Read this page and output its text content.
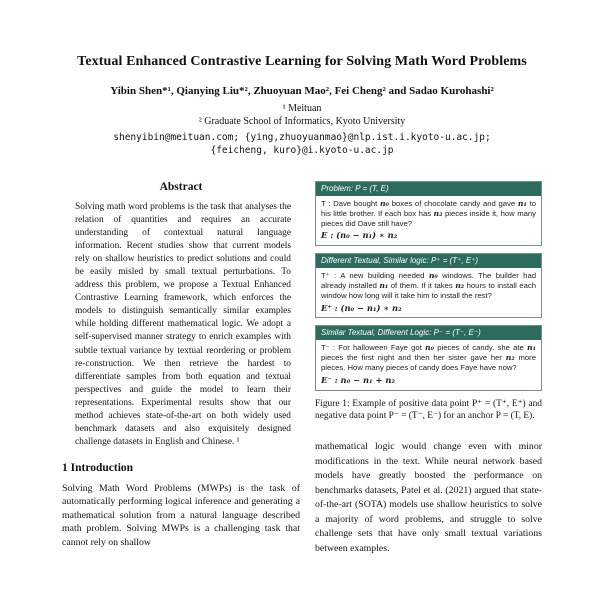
Textual Enhanced Contrastive Learning for Solving Math Word Problems
Yibin Shen*¹, Qianying Liu*², Zhuoyuan Mao², Fei Cheng² and Sadao Kurohashi²
¹ Meituan
² Graduate School of Informatics, Kyoto University
shenyibin@meituan.com; {ying,zhuoyuanmao}@nlp.ist.i.kyoto-u.ac.jp;
{feicheng, kuro}@i.kyoto-u.ac.jp
Abstract

Solving math word problems is the task that analyses the relation of quantities and requires an accurate understanding of contextual natural language information. Recent studies show that current models rely on shallow heuristics to predict solutions and could be easily misled by small textual perturbations. To address this problem, we propose a Textual Enhanced Contrastive Learning framework, which enforces the models to distinguish semantically similar examples while holding different mathematical logic. We adopt a self-supervised manner strategy to enrich examples with subtle textual variance by textual reordering or problem re-construction. We then retrieve the hardest to differentiate samples from both equation and textual perspectives and guide the model to learn their representations. Experimental results show that our method achieves state-of-the-art on both widely used benchmark datasets and also exquisitely designed challenge datasets in English and Chinese. ¹

1 Introduction

Solving Math Word Problems (MWPs) is the task of automatically performing logical inference and generating a mathematical solution from a natural language described math problem. Solving MWPs is a challenging task that cannot rely on shallow

Problem: P = (T, E)
T : Dave bought n₀ boxes of chocolate candy and gave n₁ to his little brother. If each box has n₂ pieces inside it, how many pieces did Dave still have?
E : (n₀ − n₁) ∗ n₂
Different Textual, Similar logic: P⁺ = (T⁺, E⁺)
T⁺ : A new building needed n₀ windows. The builder had already installed n₁ of them. If it takes n₂ hours to install each window how long will it take him to install the rest?
E⁺ : (n₀ − n₁) ∗ n₂
Similar Textual, Different Logic: P⁻ = (T⁻, E⁻)
T⁻ : For halloween Faye got n₀ pieces of candy. she ate n₁ pieces the first night and then her sister gave her n₂ more pieces. How many pieces of candy does Faye have now?
E⁻ : n₀ − n₁ + n₂
Figure 1: Example of positive data point P⁺ = (T⁺, E⁺) and negative data point P⁻ = (T⁻, E⁻) for an anchor P = (T, E).

mathematical logic would change even with minor modifications in the text. While neural network based models have greatly boosted the performance on benchmarks datasets, Patel et al. (2021) argued that state-of-the-art (SOTA) models use shallow heuristics to solve a majority of word problems, and struggle to solve challenge sets that have only small textual variations between examples.
